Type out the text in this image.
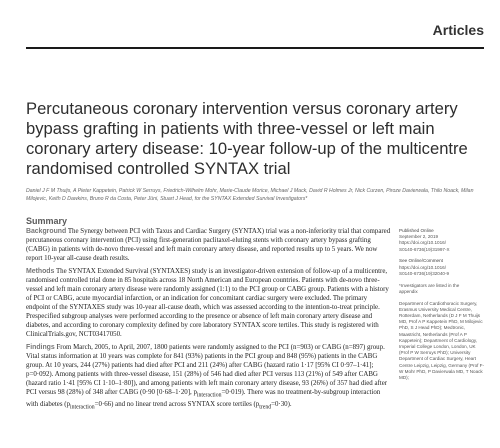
Articles
Percutaneous coronary intervention versus coronary artery bypass grafting in patients with three-vessel or left main coronary artery disease: 10-year follow-up of the multicentre randomised controlled SYNTAX trial
Daniel J F M Thuijs, A Pieter Kappetein, Patrick W Serruys, Friedrich-Wilhelm Mohr, Marie-Claude Morice, Michael J Mack, David R Holmes Jr, Nick Curzen, Piroze Davierwala, Thilo Noack, Milan Milojevic, Keith D Dawkins, Bruno R da Costa, Peter Jüni, Stuart J Head, for the SYNTAX Extended Survival Investigators*
Summary

Background The Synergy between PCI with Taxus and Cardiac Surgery (SYNTAX) trial was a non-inferiority trial that compared percutaneous coronary intervention (PCI) using first-generation paclitaxel-eluting stents with coronary artery bypass grafting (CABG) in patients with de-novo three-vessel and left main coronary artery disease, and reported results up to 5 years. We now report 10-year all-cause death results.

Methods The SYNTAX Extended Survival (SYNTAXES) study is an investigator-driven extension of follow-up of a multicentre, randomised controlled trial done in 85 hospitals across 18 North American and European countries. Patients with de-novo three-vessel and left main coronary artery disease were randomly assigned (1:1) to the PCI group or CABG group. Patients with a history of PCI or CABG, acute myocardial infarction, or an indication for concomitant cardiac surgery were excluded. The primary endpoint of the SYNTAXES study was 10-year all-cause death, which was assessed according to the intention-to-treat principle. Prespecified subgroup analyses were performed according to the presence or absence of left main coronary artery disease and diabetes, and according to coronary complexity defined by core laboratory SYNTAX score tertiles. This study is registered with ClinicalTrials.gov, NCT03417050.

Findings From March, 2005, to April, 2007, 1800 patients were randomly assigned to the PCI (n=903) or CABG (n=897) group. Vital status information at 10 years was complete for 841 (93%) patients in the PCI group and 848 (95%) patients in the CABG group. At 10 years, 244 (27%) patients had died after PCI and 211 (24%) after CABG (hazard ratio 1·17 [95% CI 0·97–1·41]; p=0·092). Among patients with three-vessel disease, 151 (28%) of 546 had died after PCI versus 113 (21%) of 549 after CABG (hazard ratio 1·41 [95% CI 1·10–1·80]), and among patients with left main coronary artery disease, 93 (26%) of 357 had died after PCI versus 98 (28%) of 348 after CABG (0·90 [0·68–1·20], $p_{interaction}=0\cdot 019$). There was no treatment-by-subgroup interaction with diabetes $(p_{interaction}=0\cdot 66)$ and no linear trend across SYNTAX score tertiles $(p_{trend}=0\cdot 30)$.

Published Online
September 2, 2019
https://doi.org/10.1016/
S0140-6736(19)31997-X
See Online/Comment
https://doi.org/10.1016/
S0140-6736(19)32040-9
*Investigators are listed in the
appendix
Department of Cardiothoracic Surgery, Erasmus University Medical Centre, Rotterdam, Netherlands (D J F M Thuijs MD, Prof A P Kappetein PhD, M Milojevic PhD, S J Head PhD); Medtronic, Maastricht, Netherlands (Prof A P Kappetein); Department of Cardiology, Imperial College London, London, UK (Prof P W Serruys PhD); University Department of Cardiac Surgery, Heart Centre Leipzig, Leipzig, Germany (Prof F-W Mohr PhD, P Davierwala MD, T Noack MD);
